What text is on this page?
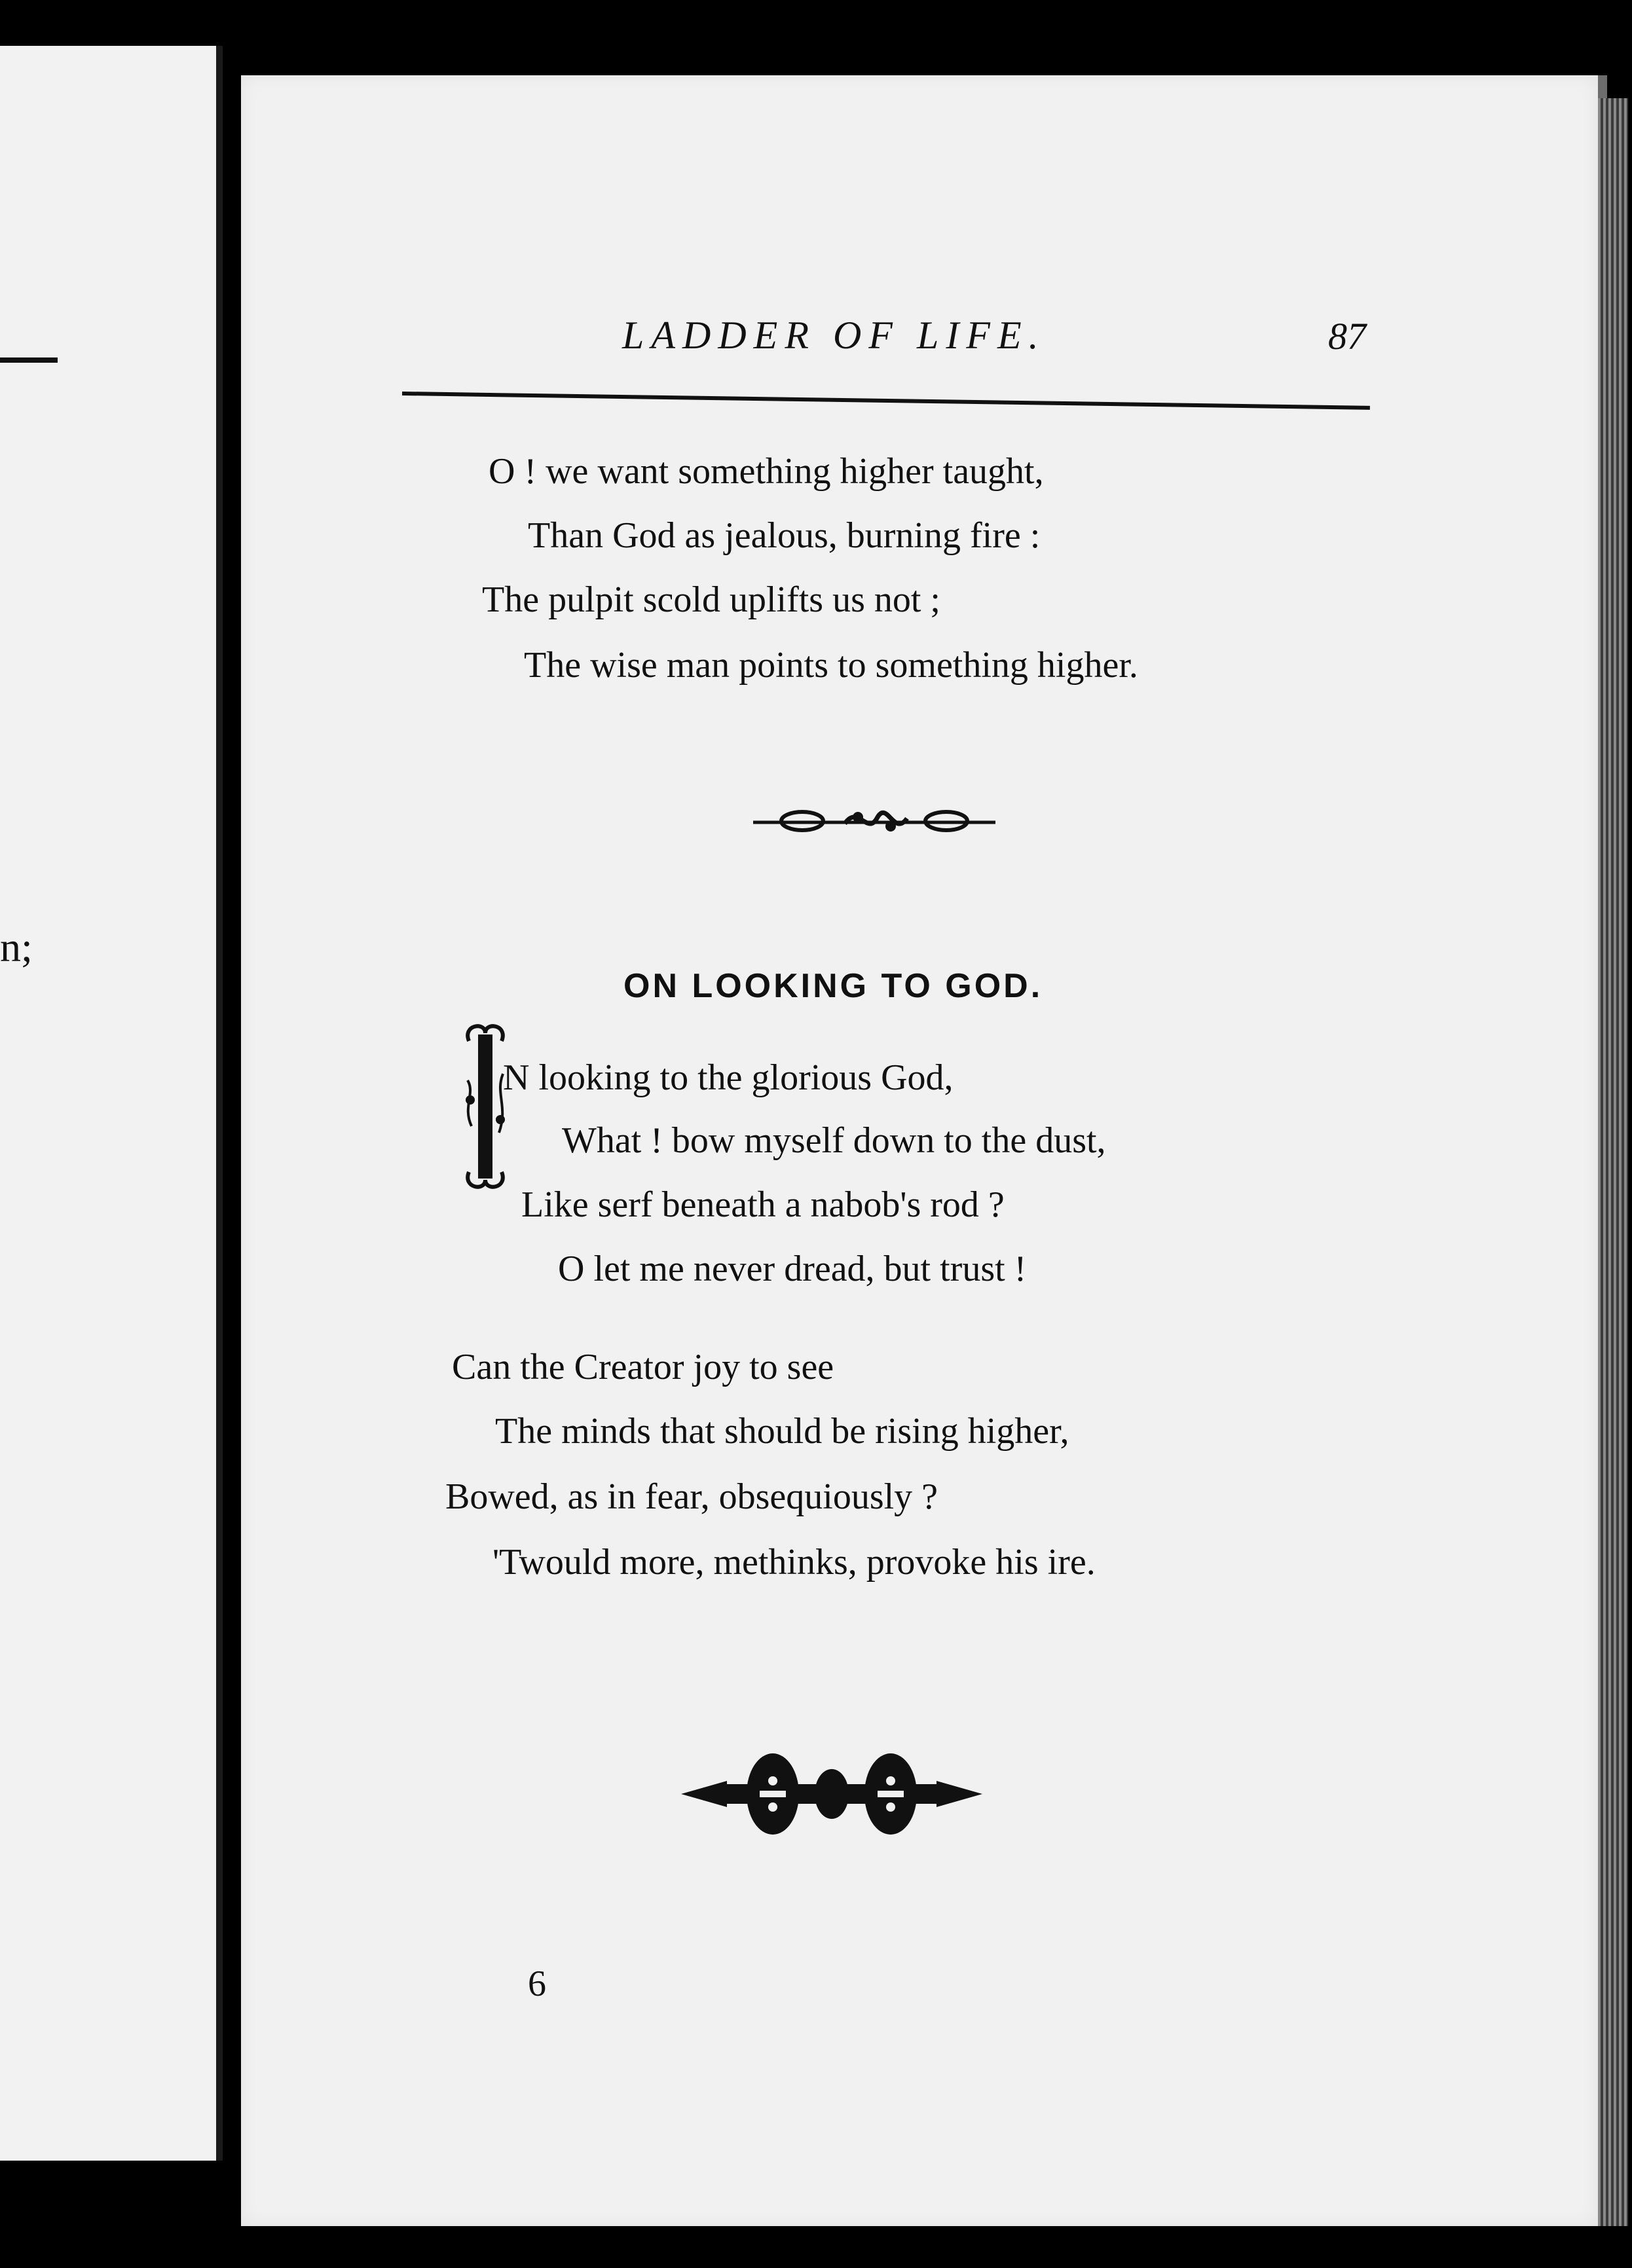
n;
LADDER OF LIFE.	87
O ! we want something higher taught,
Than God as jealous, burning fire :
The pulpit scold uplifts us not ;
The wise man points to something higher.
ON LOOKING TO GOD.
N looking to the glorious God,
What ! bow myself down to the dust,
Like serf beneath a nabob's rod ?
O let me never dread, but trust !
Can the Creator joy to see
The minds that should be rising higher,
Bowed, as in fear, obsequiously ?
'Twould more, methinks, provoke his ire.
6
